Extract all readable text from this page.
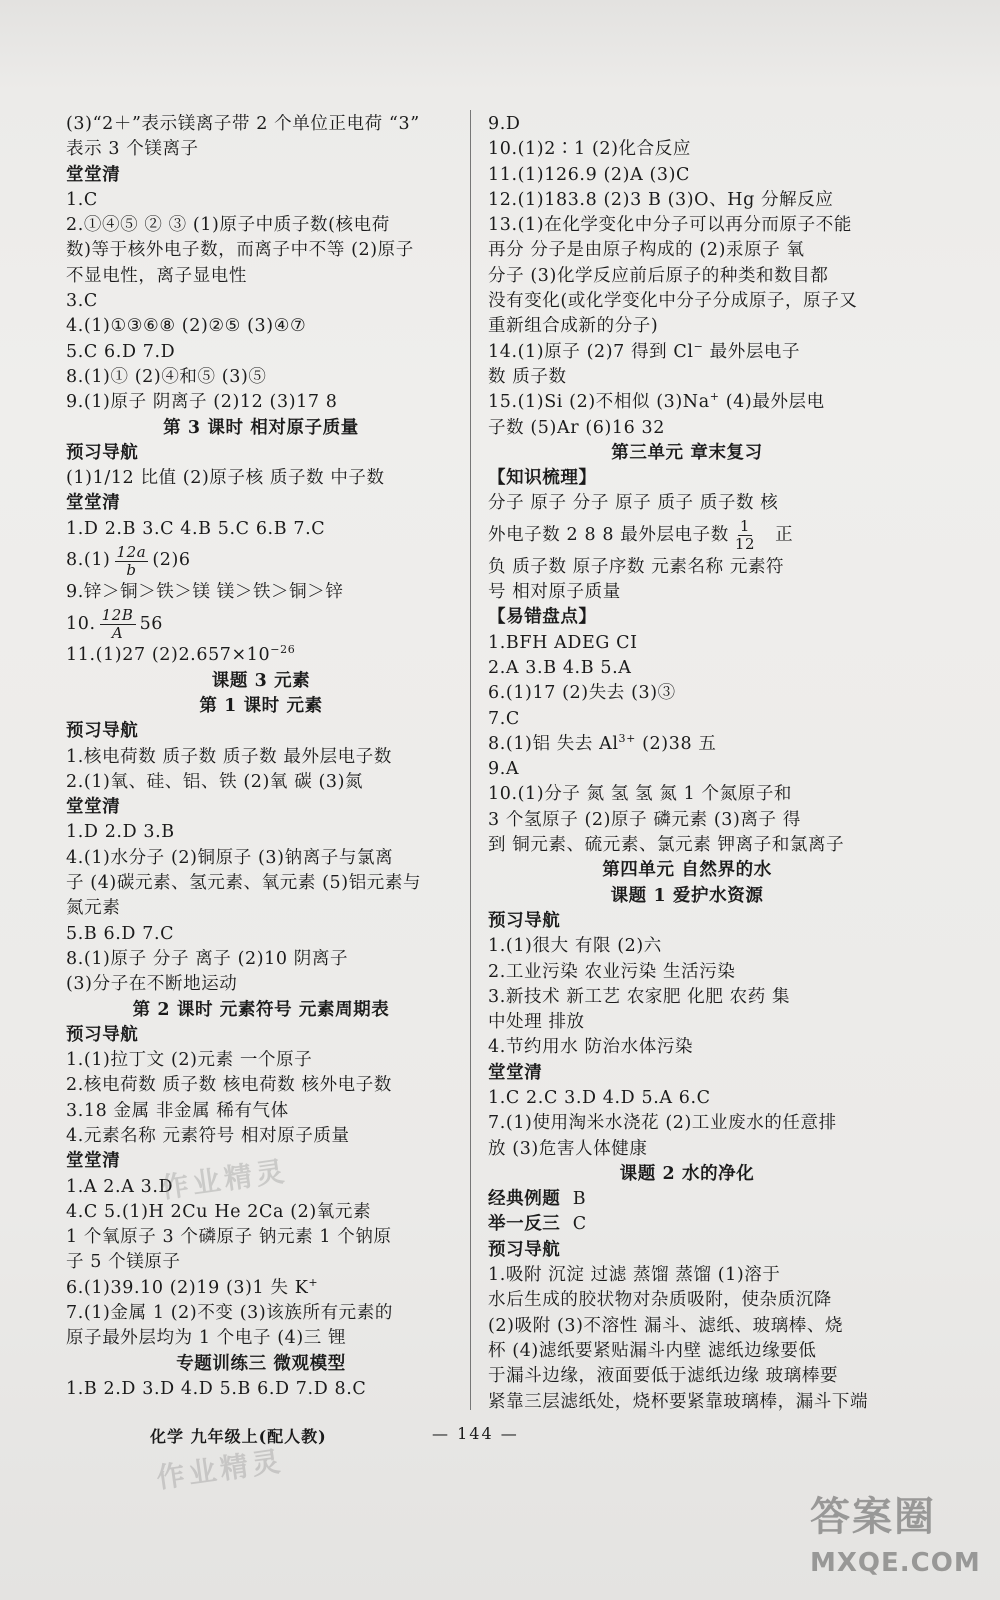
(3)“2＋”表示镁离子带 2 个单位正电荷 “3”
表示 3 个镁离子
堂堂清
1.C
2.①④⑤ ② ③ (1)原子中质子数(核电荷
数)等于核外电子数，而离子中不等 (2)原子
不显电性，离子显电性
3.C
4.(1)①③⑥⑧ (2)②⑤ (3)④⑦
5.C 6.D 7.D
8.(1)① (2)④和⑤ (3)⑤
9.(1)原子 阴离子 (2)12 (3)17 8
第 3 课时 相对原子质量
预习导航
(1)1/12 比值 (2)原子核 质子数 中子数
堂堂清
1.D 2.B 3.C 4.B 5.C 6.B 7.C
$8.(1) \frac{12a}{b} (2)6$
9.锌＞铜＞铁＞镁 镁＞铁＞铜＞锌
10. $\frac{12B}{A} 56$
11.(1)27 $(2)2.657\times 10^{-26}$
课题 3 元素
第 1 课时 元素
预习导航
1.核电荷数 质子数 质子数 最外层电子数
2.(1)氧、硅、铝、铁 (2)氧 碳 (3)氮
堂堂清
1.D 2.D 3.B
4.(1)水分子 (2)铜原子 (3)钠离子与氯离
子 (4)碳元素、氢元素、氧元素 (5)铝元素与
氮元素
5.B 6.D 7.C
8.(1)原子 分子 离子 (2)10 阴离子
(3)分子在不断地运动
第 2 课时 元素符号 元素周期表
预习导航
1.(1)拉丁文 (2)元素 一个原子
2.核电荷数 质子数 核电荷数 核外电子数
3.18 金属 非金属 稀有气体
4.元素名称 元素符号 相对原子质量
堂堂清
1.A 2.A 3.D
4.C 5.(1)H 2Cu He 2Ca (2)氧元素
1 个氧原子 3 个磷原子 钠元素 1 个钠原
子 5 个镁原子
6.(1)39.10 (2)19 (3)1 失 K+
7.(1)金属 1 (2)不变 (3)该族所有元素的
原子最外层均为 1 个电子 (4)三 锂
专题训练三 微观模型
1.B 2.D 3.D 4.D 5.B 6.D 7.D 8.C
9.D
10.(1)2∶1 (2)化合反应
11.(1)126.9 (2)A (3)C
12.(1)183.8 (2)3 B (3)O、Hg 分解反应
13.(1)在化学变化中分子可以再分而原子不能
再分 分子是由原子构成的 (2)汞原子 氧
分子 (3)化学反应前后原子的种类和数目都
没有变化(或化学变化中分子分成原子，原子又
重新组合成新的分子)
14.(1)原子 (2)7 得到 Cl− 最外层电子
数 质子数
15.(1)Si (2)不相似 (3)Na+ (4)最外层电
子数 (5)Ar (6)16 32
第三单元 章末复习
【知识梳理】
分子 原子 分子 原子 质子 质子数 核
外电子数 2 8 8 最外层电子数 $\frac{1}{12}$ 正
负 质子数 原子序数 元素名称 元素符
号 相对原子质量
【易错盘点】
1.BFH ADEG CI
2.A 3.B 4.B 5.A
6.(1)17 (2)失去 (3)③
7.C
8.(1)铝 失去 $Al^{3+}$ (2)38 五
9.A
10.(1)分子 氮 氢 氢 氮 1 个氮原子和
3 个氢原子 (2)原子 磷元素 (3)离子 得
到 铜元素、硫元素、氯元素 钾离子和氯离子
第四单元 自然界的水
课题 1 爱护水资源
预习导航
1.(1)很大 有限 (2)六
2.工业污染 农业污染 生活污染
3.新技术 新工艺 农家肥 化肥 农药 集
中处理 排放
4.节约用水 防治水体污染
堂堂清
1.C 2.C 3.D 4.D 5.A 6.C
7.(1)使用淘米水浇花 (2)工业废水的任意排
放 (3)危害人体健康
课题 2 水的净化
经典例题 B
举一反三 C
预习导航
1.吸附 沉淀 过滤 蒸馏 蒸馏 (1)溶于
水后生成的胶状物对杂质吸附，使杂质沉降
(2)吸附 (3)不溶性 漏斗、滤纸、玻璃棒、烧
杯 (4)滤纸要紧贴漏斗内壁 滤纸边缘要低
于漏斗边缘，液面要低于滤纸边缘 玻璃棒要
紧靠三层滤纸处，烧杯要紧靠玻璃棒，漏斗下端
化学 九年级上(配人教)	— 144 —
作业精灵
作业精灵
答案圈
MXQE.COM
